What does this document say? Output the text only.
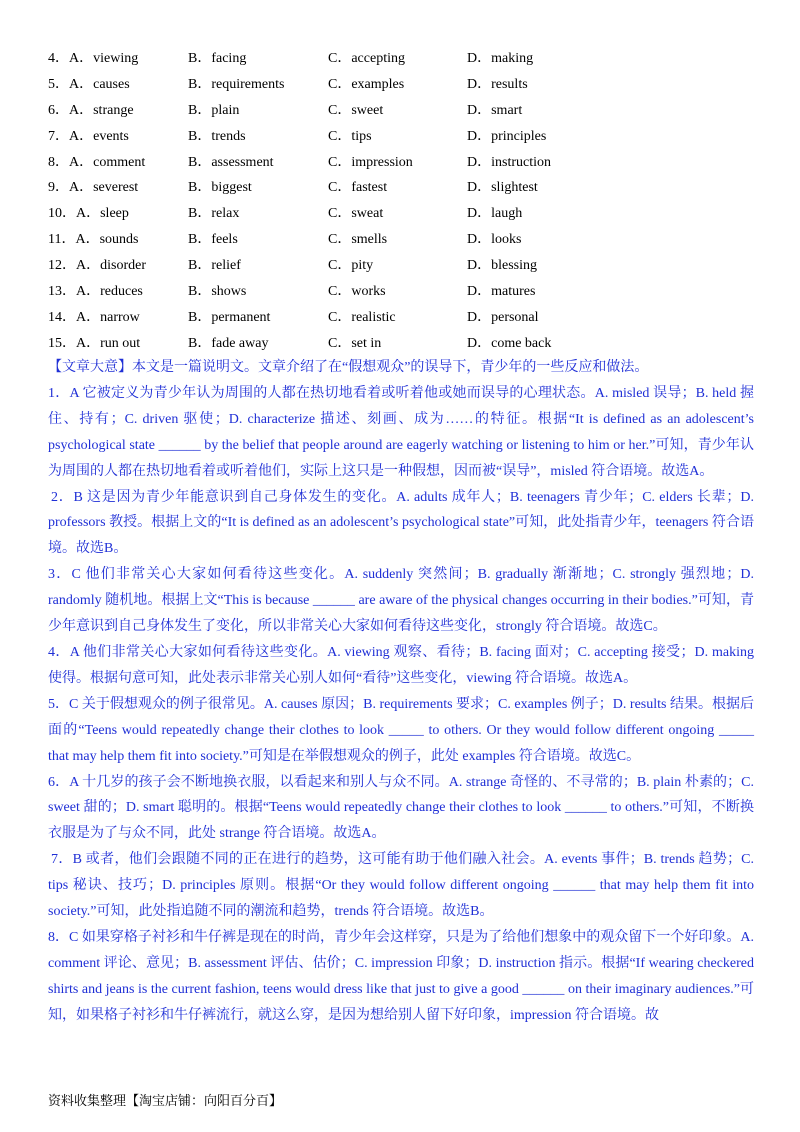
4．A．viewing	B．facing	C．accepting	D．making
5．A．causes	B．requirements	C．examples	D．results
6．A．strange	B．plain	C．sweet	D．smart
7．A．events	B．trends	C．tips	D．principles
8．A．comment	B．assessment	C．impression	D．instruction
9．A．severest	B．biggest	C．fastest	D．slightest
10．A．sleep	B．relax	C．sweat	D．laugh
11．A．sounds	B．feels	C．smells	D．looks
12．A．disorder	B．relief	C．pity	D．blessing
13．A．reduces	B．shows	C．works	D．matures
14．A．narrow	B．permanent	C．realistic	D．personal
15．A．run out	B．fade away	C．set in	D．come back

【文章大意】本文是一篇说明文。文章介绍了在“假想观众”的误导下，青少年的一些反应和做法。

1．A 它被定义为青少年认为周围的人都在热切地看着或听着他或她而误导的心理状态。A. misled 误导；B. held 握住、持有；C. driven 驱使；D. characterize 描述、刻画、成为……的特征。根据“It is defined as an adolescent’s psychological state ______ by the belief that people around are eagerly watching or listening to him or her.”可知，青少年认为周围的人都在热切地看着或听着他们，实际上这只是一种假想，因而被“误导”，misled 符合语境。故选A。

2．B 这是因为青少年能意识到自己身体发生的变化。A. adults 成年人；B. teenagers 青少年；C. elders 长辈；D. professors 教授。根据上文的“It is defined as an adolescent’s psychological state”可知，此处指青少年，teenagers 符合语境。故选B。

3．C 他们非常关心大家如何看待这些变化。A. suddenly 突然间；B. gradually 渐渐地；C. strongly 强烈地；D. randomly 随机地。根据上文“This is because ______ are aware of the physical changes occurring in their bodies.”可知，青少年意识到自己身体发生了变化，所以非常关心大家如何看待这些变化，strongly 符合语境。故选C。

4．A 他们非常关心大家如何看待这些变化。A. viewing 观察、看待；B. facing 面对；C. accepting 接受；D. making 使得。根据句意可知，此处表示非常关心别人如何“看待”这些变化，viewing 符合语境。故选A。

5．C 关于假想观众的例子很常见。A. causes 原因；B. requirements 要求；C. examples 例子；D. results 结果。根据后面的“Teens would repeatedly change their clothes to look _____ to others. Or they would follow different ongoing _____ that may help them fit into society.”可知是在举假想观众的例子，此处 examples 符合语境。故选C。

6．A 十几岁的孩子会不断地换衣服，以看起来和别人与众不同。A. strange 奇怪的、不寻常的；B. plain 朴素的；C. sweet 甜的；D. smart 聪明的。根据“Teens would repeatedly change their clothes to look ______ to others.”可知，不断换衣服是为了与众不同，此处 strange 符合语境。故选A。

7．B 或者，他们会跟随不同的正在进行的趋势，这可能有助于他们融入社会。A. events 事件；B. trends 趋势；C. tips 秘诀、技巧；D. principles 原则。根据“Or they would follow different ongoing ______ that may help them fit into society.”可知，此处指追随不同的潮流和趋势，trends 符合语境。故选B。

8．C 如果穿格子衬衫和牛仔裤是现在的时尚，青少年会这样穿，只是为了给他们想象中的观众留下一个好印象。A. comment 评论、意见；B. assessment 评估、估价；C. impression 印象；D. instruction 指示。根据“If wearing checkered shirts and jeans is the current fashion, teens would dress like that just to give a good ______ on their imaginary audiences.”可知，如果格子衬衫和牛仔裤流行，就这么穿，是因为想给别人留下好印象，impression 符合语境。故

资料收集整理【淘宝店铺：向阳百分百】
